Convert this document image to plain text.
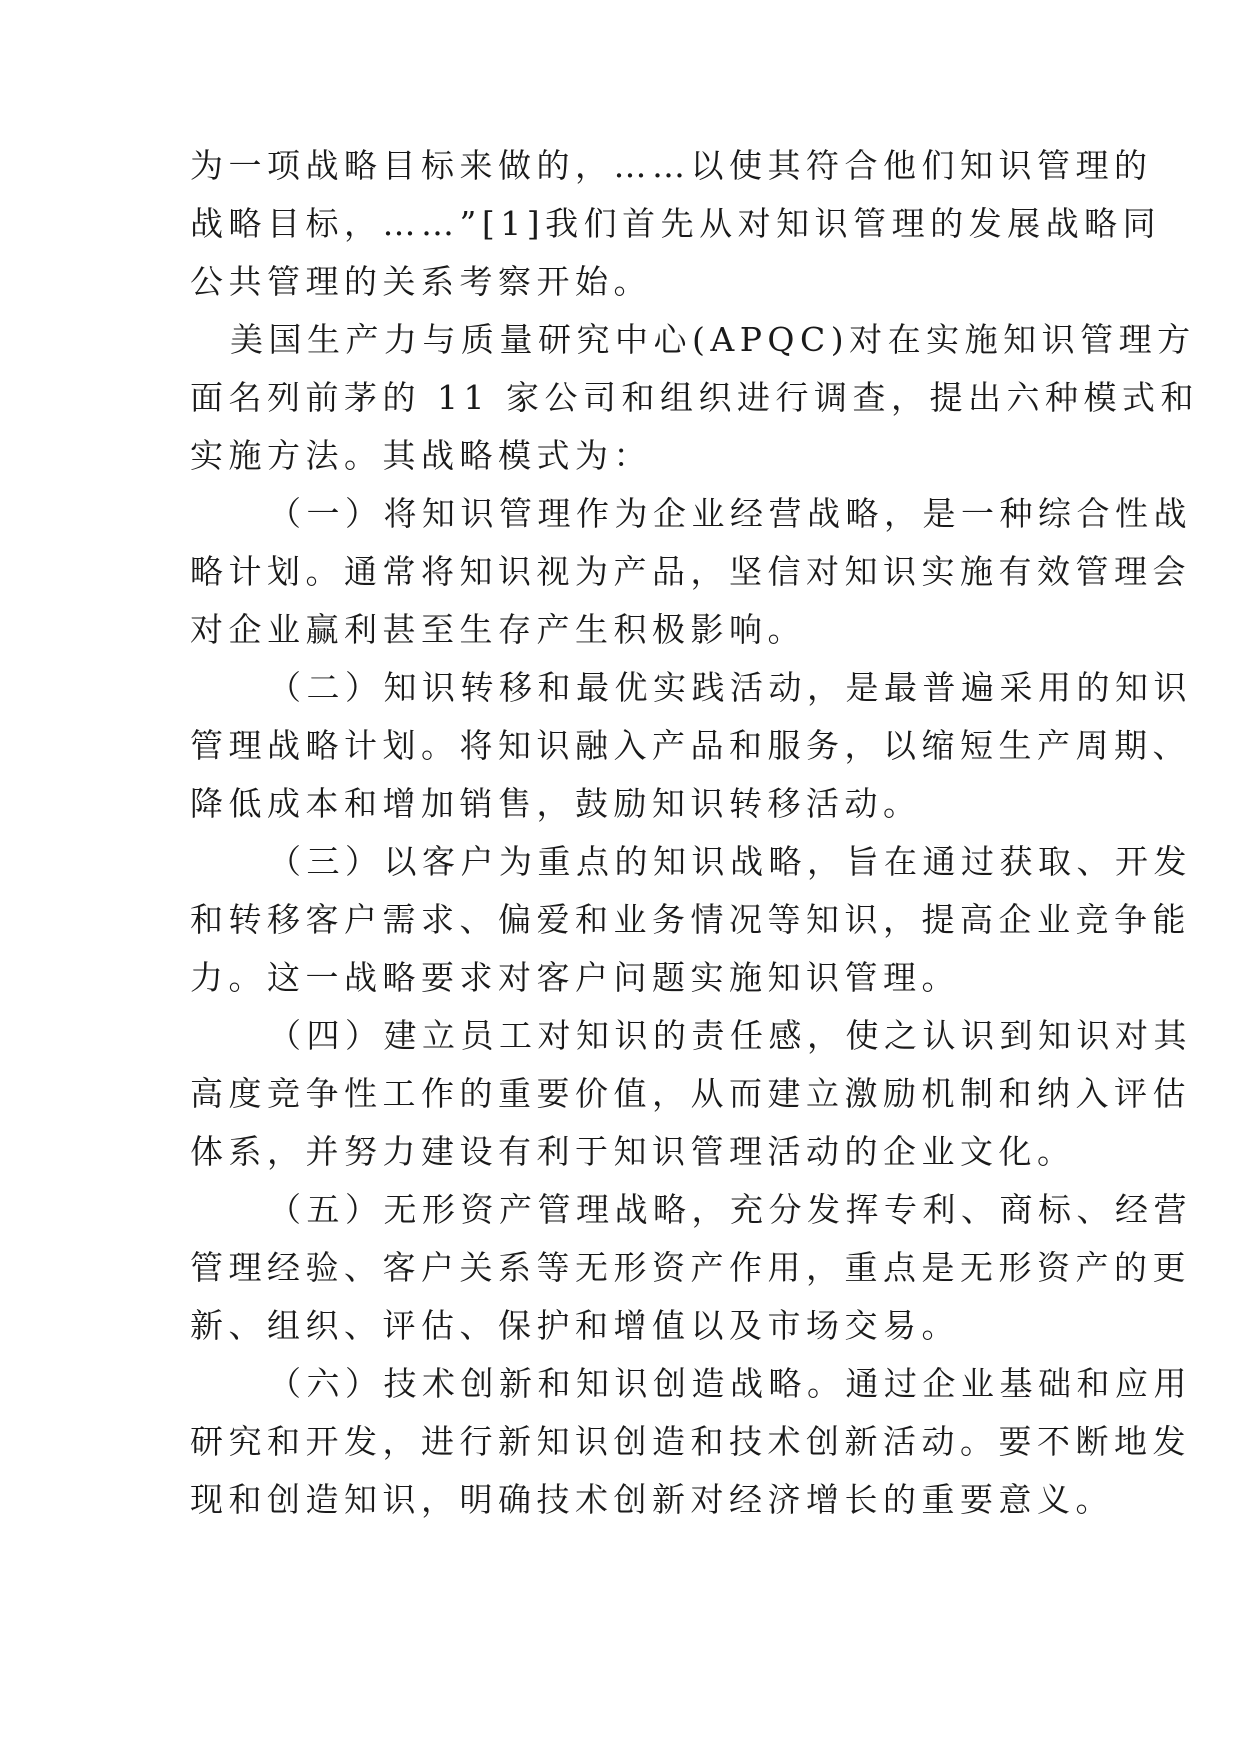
为一项战略目标来做的，……以使其符合他们知识管理的
战略目标，……”[1]我们首先从对知识管理的发展战略同
公共管理的关系考察开始。
美国生产力与质量研究中心(APQC)对在实施知识管理方
面名列前茅的 11 家公司和组织进行调查，提出六种模式和
实施方法。其战略模式为：
（一）将知识管理作为企业经营战略，是一种综合性战
略计划。通常将知识视为产品，坚信对知识实施有效管理会
对企业赢利甚至生存产生积极影响。
（二）知识转移和最优实践活动，是最普遍采用的知识
管理战略计划。将知识融入产品和服务，以缩短生产周期、
降低成本和增加销售，鼓励知识转移活动。
（三）以客户为重点的知识战略，旨在通过获取、开发
和转移客户需求、偏爱和业务情况等知识，提高企业竞争能
力。这一战略要求对客户问题实施知识管理。
（四）建立员工对知识的责任感，使之认识到知识对其
高度竞争性工作的重要价值，从而建立激励机制和纳入评估
体系，并努力建设有利于知识管理活动的企业文化。
（五）无形资产管理战略，充分发挥专利、商标、经营
管理经验、客户关系等无形资产作用，重点是无形资产的更
新、组织、评估、保护和增值以及市场交易。
（六）技术创新和知识创造战略。通过企业基础和应用
研究和开发，进行新知识创造和技术创新活动。要不断地发
现和创造知识，明确技术创新对经济增长的重要意义。
